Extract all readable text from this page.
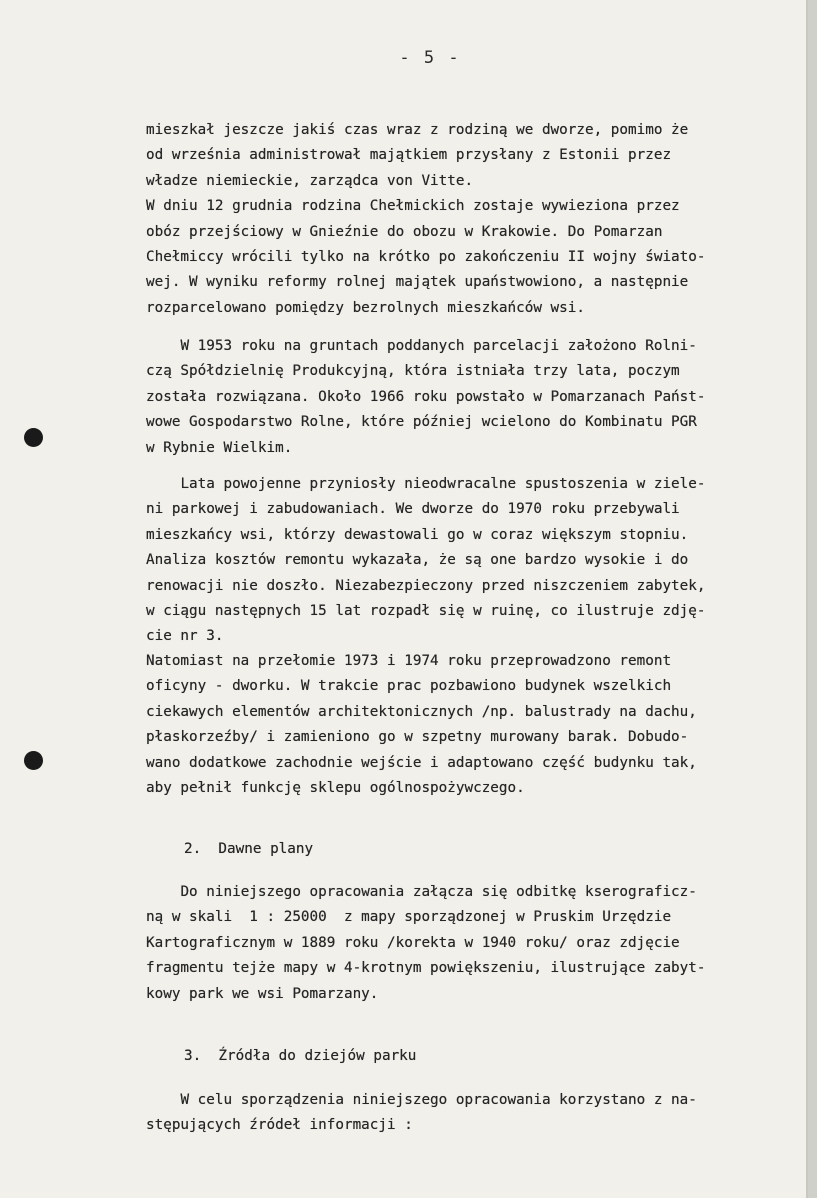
- 5 -

mieszkał jeszcze jakiś czas wraz z rodziną we dworze, pomimo że
od września administrował majątkiem przysłany z Estonii przez
władze niemieckie, zarządca von Vitte.
W dniu 12 grudnia rodzina Chełmickich zostaje wywieziona przez
obóz przejściowy w Gnieźnie do obozu w Krakowie. Do Pomarzan
Chełmiccy wrócili tylko na krótko po zakończeniu II wojny świato-
wej. W wyniku reformy rolnej majątek upaństwowiono, a następnie
rozparcelowano pomiędzy bezrolnych mieszkańców wsi.

W 1953 roku na gruntach poddanych parcelacji założono Rolni-
czą Spółdzielnię Produkcyjną, która istniała trzy lata, poczym
została rozwiązana. Około 1966 roku powstało w Pomarzanach Państ-
wowe Gospodarstwo Rolne, które później wcielono do Kombinatu PGR
w Rybnie Wielkim.

Lata powojenne przyniosły nieodwracalne spustoszenia w ziele-
ni parkowej i zabudowaniach. We dworze do 1970 roku przebywali
mieszkańcy wsi, którzy dewastowali go w coraz większym stopniu.
Analiza kosztów remontu wykazała, że są one bardzo wysokie i do
renowacji nie doszło. Niezabezpieczony przed niszczeniem zabytek,
w ciągu następnych 15 lat rozpadł się w ruinę, co ilustruje zdję-
cie nr 3.

Natomiast na przełomie 1973 i 1974 roku przeprowadzono remont
oficyny - dworku. W trakcie prac pozbawiono budynek wszelkich
ciekawych elementów architektonicznych /np. balustrady na dachu,
płaskorzeźby/ i zamieniono go w szpetny murowany barak. Dobudo-
wano dodatkowe zachodnie wejście i adaptowano część budynku tak,
aby pełnił funkcję sklepu ogólnospożywczego.

2.  Dawne plany

Do niniejszego opracowania załącza się odbitkę kserograficz-
ną w skali  1 : 25000  z mapy sporządzonej w Pruskim Urzędzie
Kartograficznym w 1889 roku /korekta w 1940 roku/ oraz zdjęcie
fragmentu tejże mapy w 4-krotnym powiększeniu, ilustrujące zabyt-
kowy park we wsi Pomarzany.

3.  Źródła do dziejów parku

W celu sporządzenia niniejszego opracowania korzystano z na-
stępujących źródeł informacji :
